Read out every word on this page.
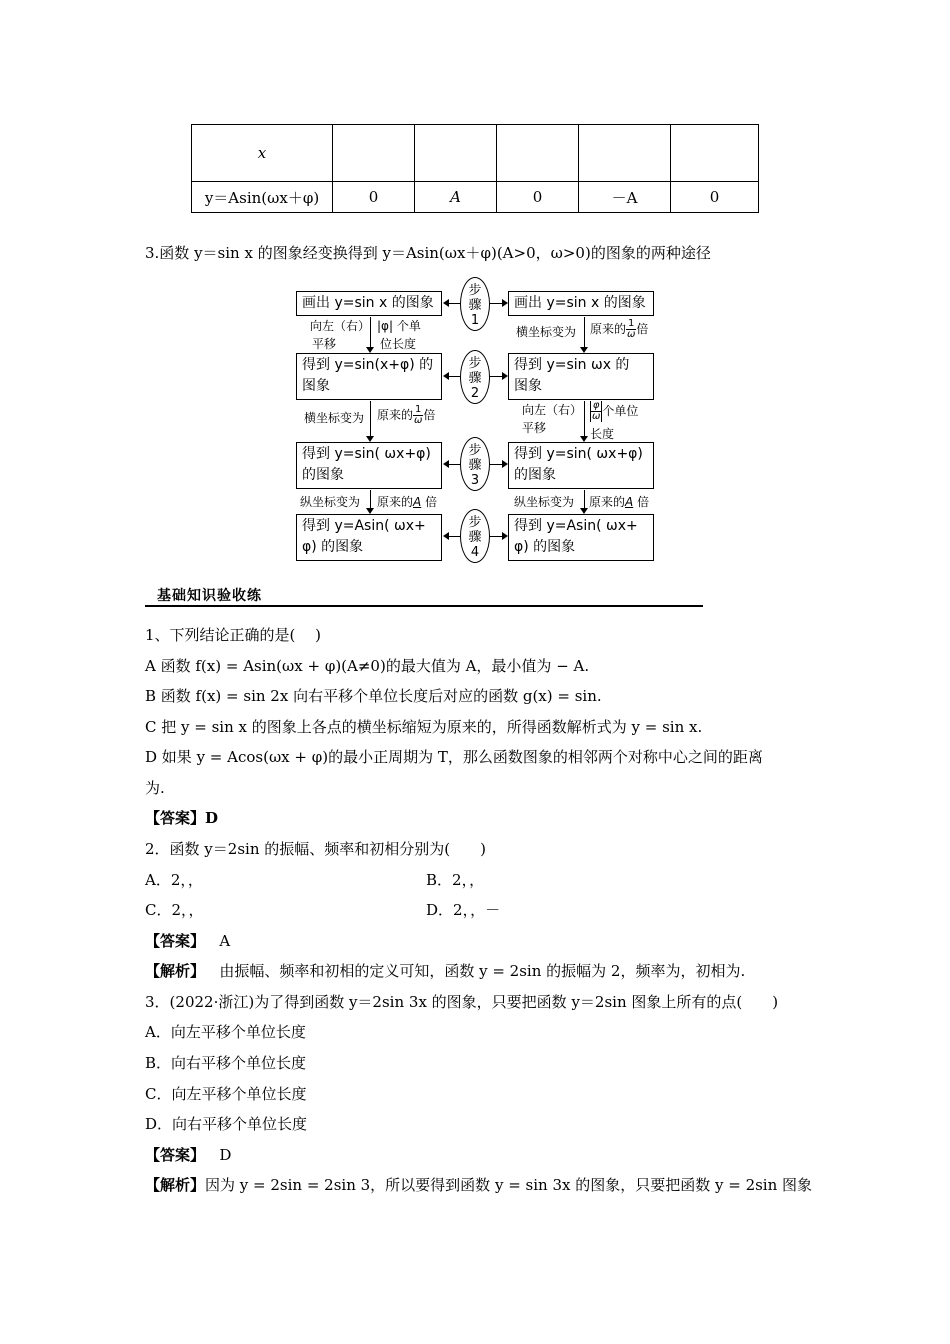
x					
y＝Asin(ωx＋φ)	0	A	0	－A	0
3.函数 y＝sin x 的图象经变换得到 y＝Asin(ωx＋φ)(A>0，ω>0)的图象的两种途径
画出 y=sin x 的图象
得到 y=sin(x+φ) 的
图象
得到 y=sin( ωx+φ)
的图象
得到 y=Asin( ωx+
φ) 的图象
画出 y=sin x 的图象
得到 y=sin ωx 的
图象
得到 y=sin( ωx+φ)
的图象
得到 y=Asin( ωx+
φ) 的图象
步
骤
1
步
骤
2
步
骤
3
步
骤
4
向左（右）
平移
|φ| 个单
位长度
横坐标变为 原来的 $\frac{1}{\omega}$ 倍
纵坐标变为 原来的A 倍
横坐标变为 原来的 $\frac{1}{\omega}$ 倍
向左（右）
平移
$\frac{\varphi}{\omega}$ 个单位
长度
纵坐标变为 原来的A 倍
基础知识验收练
1、下列结论正确的是(　 )
A 函数 f(x) = Asin(ωx + φ)(A≠0)的最大值为 A，最小值为 − A.
B 函数 f(x) = sin 2x 向右平移个单位长度后对应的函数 g(x) = sin.
C 把 y = sin x 的图象上各点的横坐标缩短为原来的，所得函数解析式为 y = sin x.
D 如果 y = Acos(ωx + φ)的最小正周期为 T，那么函数图象的相邻两个对称中心之间的距离
为.
【答案】D
2．函数 y＝2sin 的振幅、频率和初相分别为(　　)
A．2，，	B．2，，
C．2，，	D．2，，－
【答案】 A
【解析】 由振幅、频率和初相的定义可知，函数 y = 2sin 的振幅为 2，频率为，初相为.
3．(2022·浙江)为了得到函数 y＝2sin 3x 的图象，只要把函数 y＝2sin 图象上所有的点(　　)
A．向左平移个单位长度
B．向右平移个单位长度
C．向左平移个单位长度
D．向右平移个单位长度
【答案】 D
【解析】因为 y = 2sin = 2sin 3，所以要得到函数 y = sin 3x 的图象，只要把函数 y = 2sin 图象
